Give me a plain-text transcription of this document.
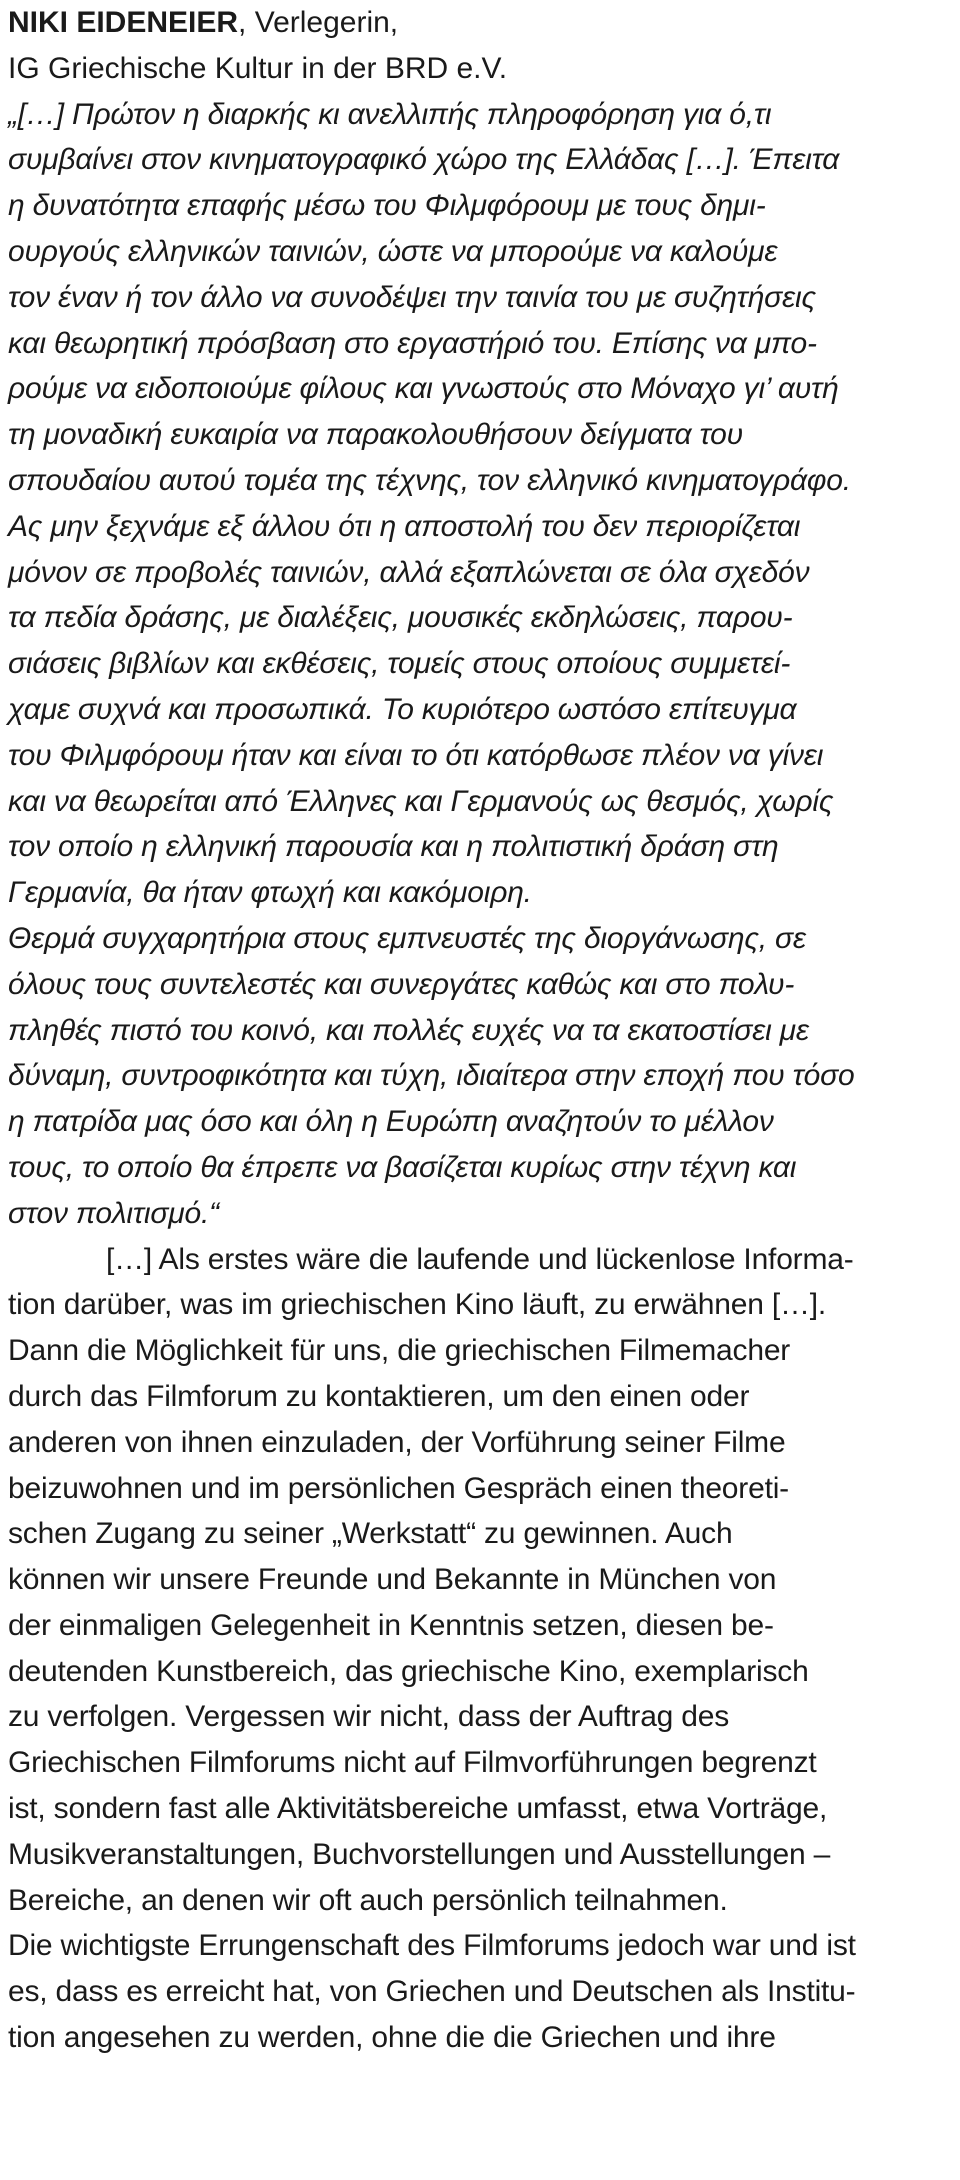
NIKI EIDENEIER, Verlegerin,
IG Griechische Kultur in der BRD e.V.
„[…] Πρώτον η διαρκής κι ανελλιπής πληροφόρηση για ό,τι
συμβαίνει στον κινηματογραφικό χώρο της Ελλάδας […]. Έπειτα
η δυνατότητα επαφής μέσω του Φιλμφόρουμ με τους δημι-
ουργούς ελληνικών ταινιών, ώστε να μπορούμε να καλούμε
τον έναν ή τον άλλο να συνοδέψει την ταινία του με συζητήσεις
και θεωρητική πρόσβαση στο εργαστήριό του. Επίσης να μπο-
ρούμε να ειδοποιούμε φίλους και γνωστούς στο Μόναχο γι’ αυτή
τη μοναδική ευκαιρία να παρακολουθήσουν δείγματα του
σπουδαίου αυτού τομέα της τέχνης, τον ελληνικό κινηματογράφο.
Ας μην ξεχνάμε εξ άλλου ότι η αποστολή του δεν περιορίζεται
μόνον σε προβολές ταινιών, αλλά εξαπλώνεται σε όλα σχεδόν
τα πεδία δράσης, με διαλέξεις, μουσικές εκδηλώσεις, παρου-
σιάσεις βιβλίων και εκθέσεις, τομείς στους οποίους συμμετεί-
χαμε συχνά και προσωπικά. Το κυριότερο ωστόσο επίτευγμα
του Φιλμφόρουμ ήταν και είναι το ότι κατόρθωσε πλέον να γίνει
και να θεωρείται από Έλληνες και Γερμανούς ως θεσμός, χωρίς
τον οποίο η ελληνική παρουσία και η πολιτιστική δράση στη
Γερμανία, θα ήταν φτωχή και κακόμοιρη.
Θερμά συγχαρητήρια στους εμπνευστές της διοργάνωσης, σε
όλους τους συντελεστές και συνεργάτες καθώς και στο πολυ-
πληθές πιστό του κοινό, και πολλές ευχές να τα εκατοστίσει με
δύναμη, συντροφικότητα και τύχη, ιδιαίτερα στην εποχή που τόσο
η πατρίδα μας όσο και όλη η Ευρώπη αναζητούν το μέλλον
τους, το οποίο θα έπρεπε να βασίζεται κυρίως στην τέχνη και
στον πολιτισμό.“
[…] Als erstes wäre die laufende und lückenlose Informa-
tion darüber, was im griechischen Kino läuft, zu erwähnen […].
Dann die Möglichkeit für uns, die griechischen Filmemacher
durch das Filmforum zu kontaktieren, um den einen oder
anderen von ihnen einzuladen, der Vorführung seiner Filme
beizuwohnen und im persönlichen Gespräch einen theoreti-
schen Zugang zu seiner „Werkstatt“ zu gewinnen. Auch
können wir unsere Freunde und Bekannte in München von
der einmaligen Gelegenheit in Kenntnis setzen, diesen be-
deutenden Kunstbereich, das griechische Kino, exemplarisch
zu verfolgen. Vergessen wir nicht, dass der Auftrag des
Griechischen Filmforums nicht auf Filmvorführungen begrenzt
ist, sondern fast alle Aktivitätsbereiche umfasst, etwa Vorträge,
Musikveranstaltungen, Buchvorstellungen und Ausstellungen –
Bereiche, an denen wir oft auch persönlich teilnahmen.
Die wichtigste Errungenschaft des Filmforums jedoch war und ist
es, dass es erreicht hat, von Griechen und Deutschen als Institu-
tion angesehen zu werden, ohne die die Griechen und ihre
